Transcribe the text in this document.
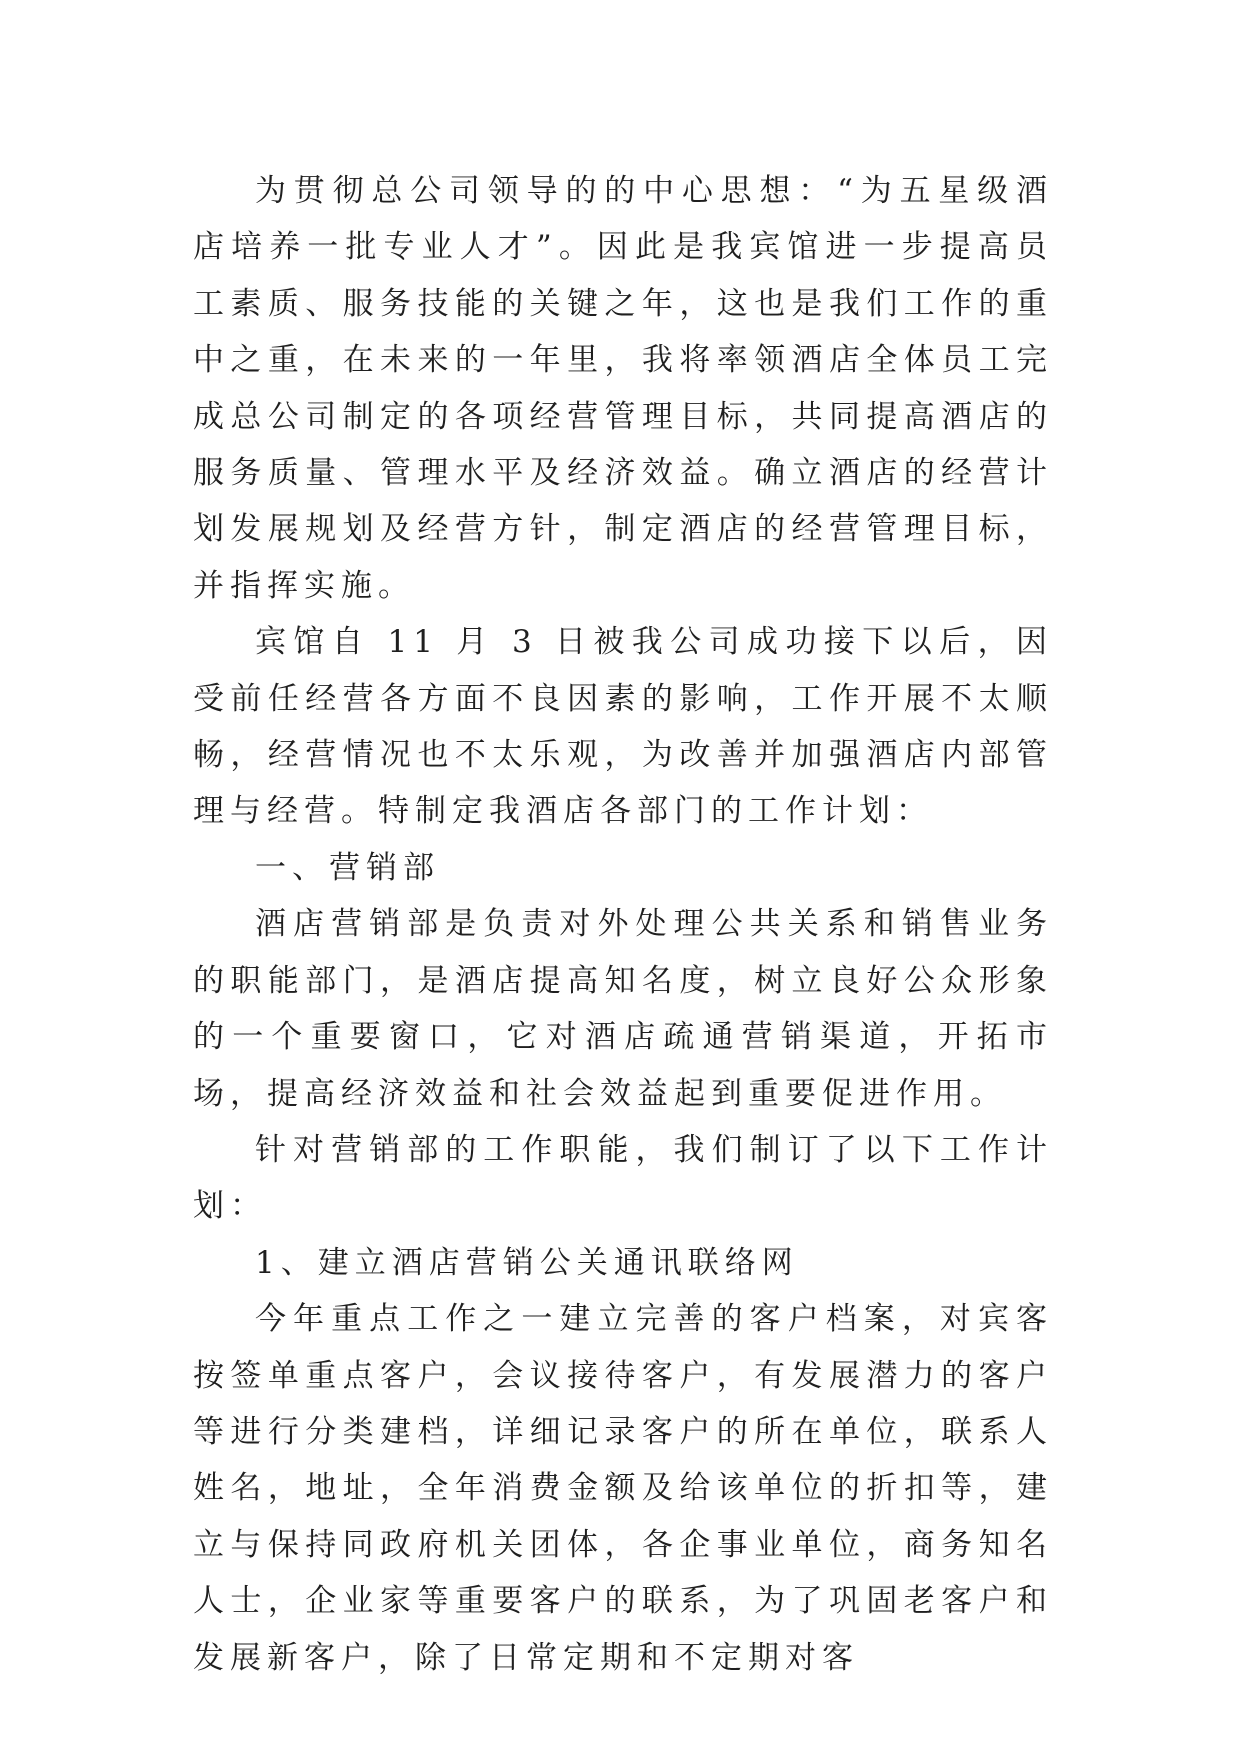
为贯彻总公司领导的的中心思想：“为五星级酒店培养一批专业人才”。因此是我宾馆进一步提高员工素质、服务技能的关键之年，这也是我们工作的重中之重，在未来的一年里，我将率领酒店全体员工完成总公司制定的各项经营管理目标，共同提高酒店的服务质量、管理水平及经济效益。确立酒店的经营计划发展规划及经营方针，制定酒店的经营管理目标，并指挥实施。

宾馆自 11 月 3 日被我公司成功接下以后，因受前任经营各方面不良因素的影响，工作开展不太顺畅，经营情况也不太乐观，为改善并加强酒店内部管理与经营。特制定我酒店各部门的工作计划：

一、营销部

酒店营销部是负责对外处理公共关系和销售业务的职能部门，是酒店提高知名度，树立良好公众形象的一个重要窗口，它对酒店疏通营销渠道，开拓市场，提高经济效益和社会效益起到重要促进作用。

针对营销部的工作职能，我们制订了以下工作计划：

1、建立酒店营销公关通讯联络网

今年重点工作之一建立完善的客户档案，对宾客按签单重点客户，会议接待客户，有发展潜力的客户等进行分类建档，详细记录客户的所在单位，联系人姓名，地址，全年消费金额及给该单位的折扣等，建立与保持同政府机关团体，各企事业单位，商务知名人士，企业家等重要客户的联系，为了巩固老客户和发展新客户，除了日常定期和不定期对客
